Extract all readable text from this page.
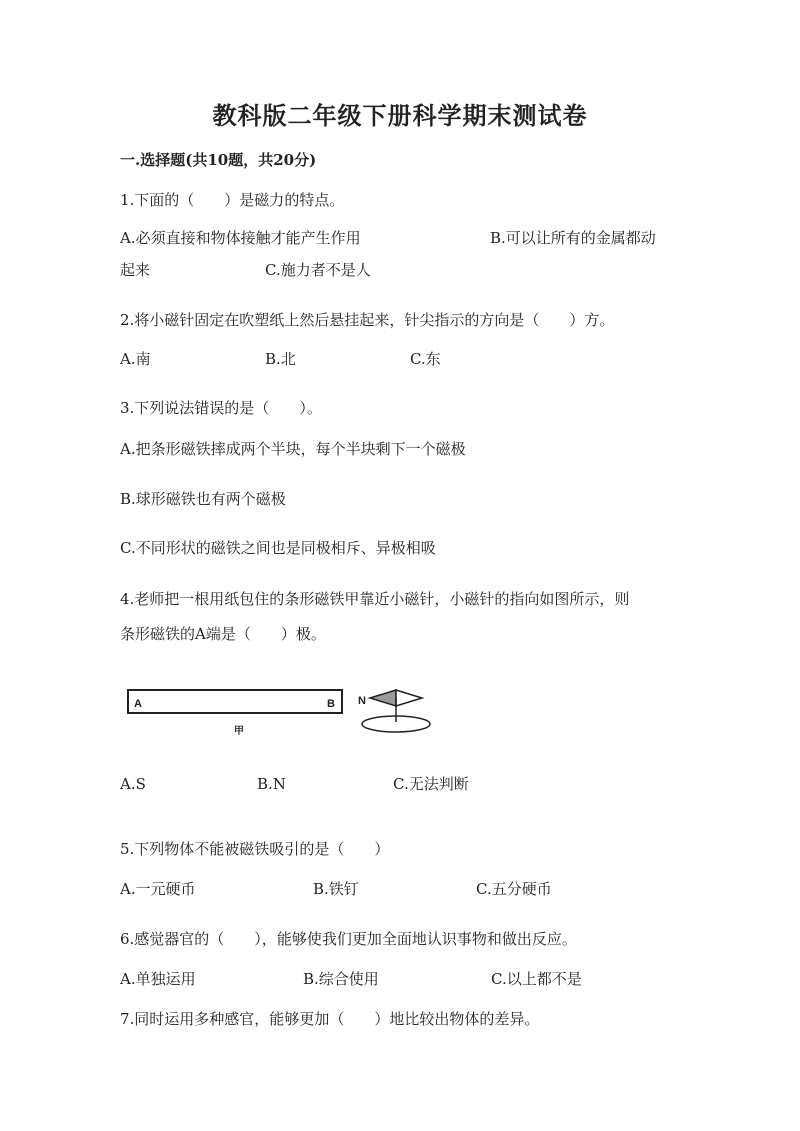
教科版二年级下册科学期末测试卷
一.选择题(共10题，共20分)
1.下面的（　　）是磁力的特点。
A.必须直接和物体接触才能产生作用	B.可以让所有的金属都动
起来	C.施力者不是人
2.将小磁针固定在吹塑纸上然后悬挂起来，针尖指示的方向是（　　）方。
A.南	B.北	C.东
3.下列说法错误的是（　　）。
A.把条形磁铁摔成两个半块，每个半块剩下一个磁极
B.球形磁铁也有两个磁极
C.不同形状的磁铁之间也是同极相斥、异极相吸
4.老师把一根用纸包住的条形磁铁甲靠近小磁针，小磁针的指向如图所示，则
条形磁铁的A端是（　　）极。
A	B
甲
N
A.S	B.N	C.无法判断
5.下列物体不能被磁铁吸引的是（　　）
A.一元硬币	B.铁钉	C.五分硬币
6.感觉器官的（　　），能够使我们更加全面地认识事物和做出反应。
A.单独运用	B.综合使用	C.以上都不是
7.同时运用多种感官，能够更加（　　）地比较出物体的差异。
